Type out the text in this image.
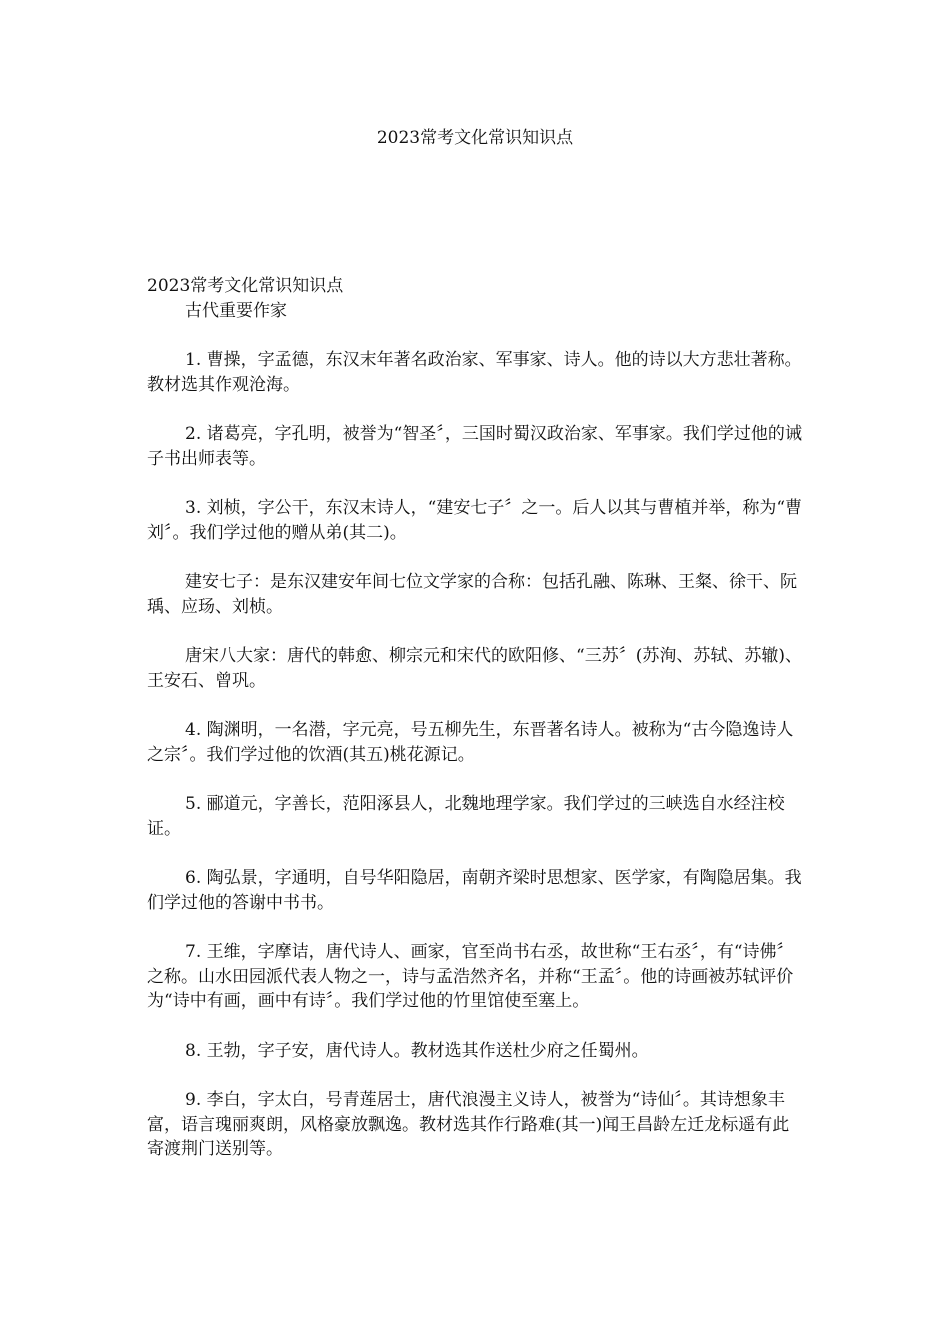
2023常考文化常识知识点

2023常考文化常识知识点

古代重要作家

1. 曹操，字孟德，东汉末年著名政治家、军事家、诗人。他的诗以大方悲壮著称。教材选其作观沧海。

2. 诸葛亮，字孔明，被誉为“智圣〞，三国时蜀汉政治家、军事家。我们学过他的诫子书出师表等。

3. 刘桢，字公干，东汉末诗人，“建安七子〞之一。后人以其与曹植并举，称为“曹刘〞。我们学过他的赠从弟(其二)。

建安七子：是东汉建安年间七位文学家的合称：包括孔融、陈琳、王粲、徐干、阮瑀、应玚、刘桢。

唐宋八大家：唐代的韩愈、柳宗元和宋代的欧阳修、“三苏〞(苏洵、苏轼、苏辙)、王安石、曾巩。

4. 陶渊明，一名潜，字元亮，号五柳先生，东晋著名诗人。被称为“古今隐逸诗人之宗〞。我们学过他的饮酒(其五)桃花源记。

5. 郦道元，字善长，范阳涿县人，北魏地理学家。我们学过的三峡选自水经注校证。

6. 陶弘景，字通明，自号华阳隐居，南朝齐梁时思想家、医学家，有陶隐居集。我们学过他的答谢中书书。

7. 王维，字摩诘，唐代诗人、画家，官至尚书右丞，故世称“王右丞〞，有“诗佛〞之称。山水田园派代表人物之一，诗与孟浩然齐名，并称“王孟〞。他的诗画被苏轼评价为“诗中有画，画中有诗〞。我们学过他的竹里馆使至塞上。

8. 王勃，字子安，唐代诗人。教材选其作送杜少府之任蜀州。

9. 李白，字太白，号青莲居士，唐代浪漫主义诗人，被誉为“诗仙〞。其诗想象丰富，语言瑰丽爽朗，风格豪放飘逸。教材选其作行路难(其一)闻王昌龄左迁龙标遥有此寄渡荆门送别等。
